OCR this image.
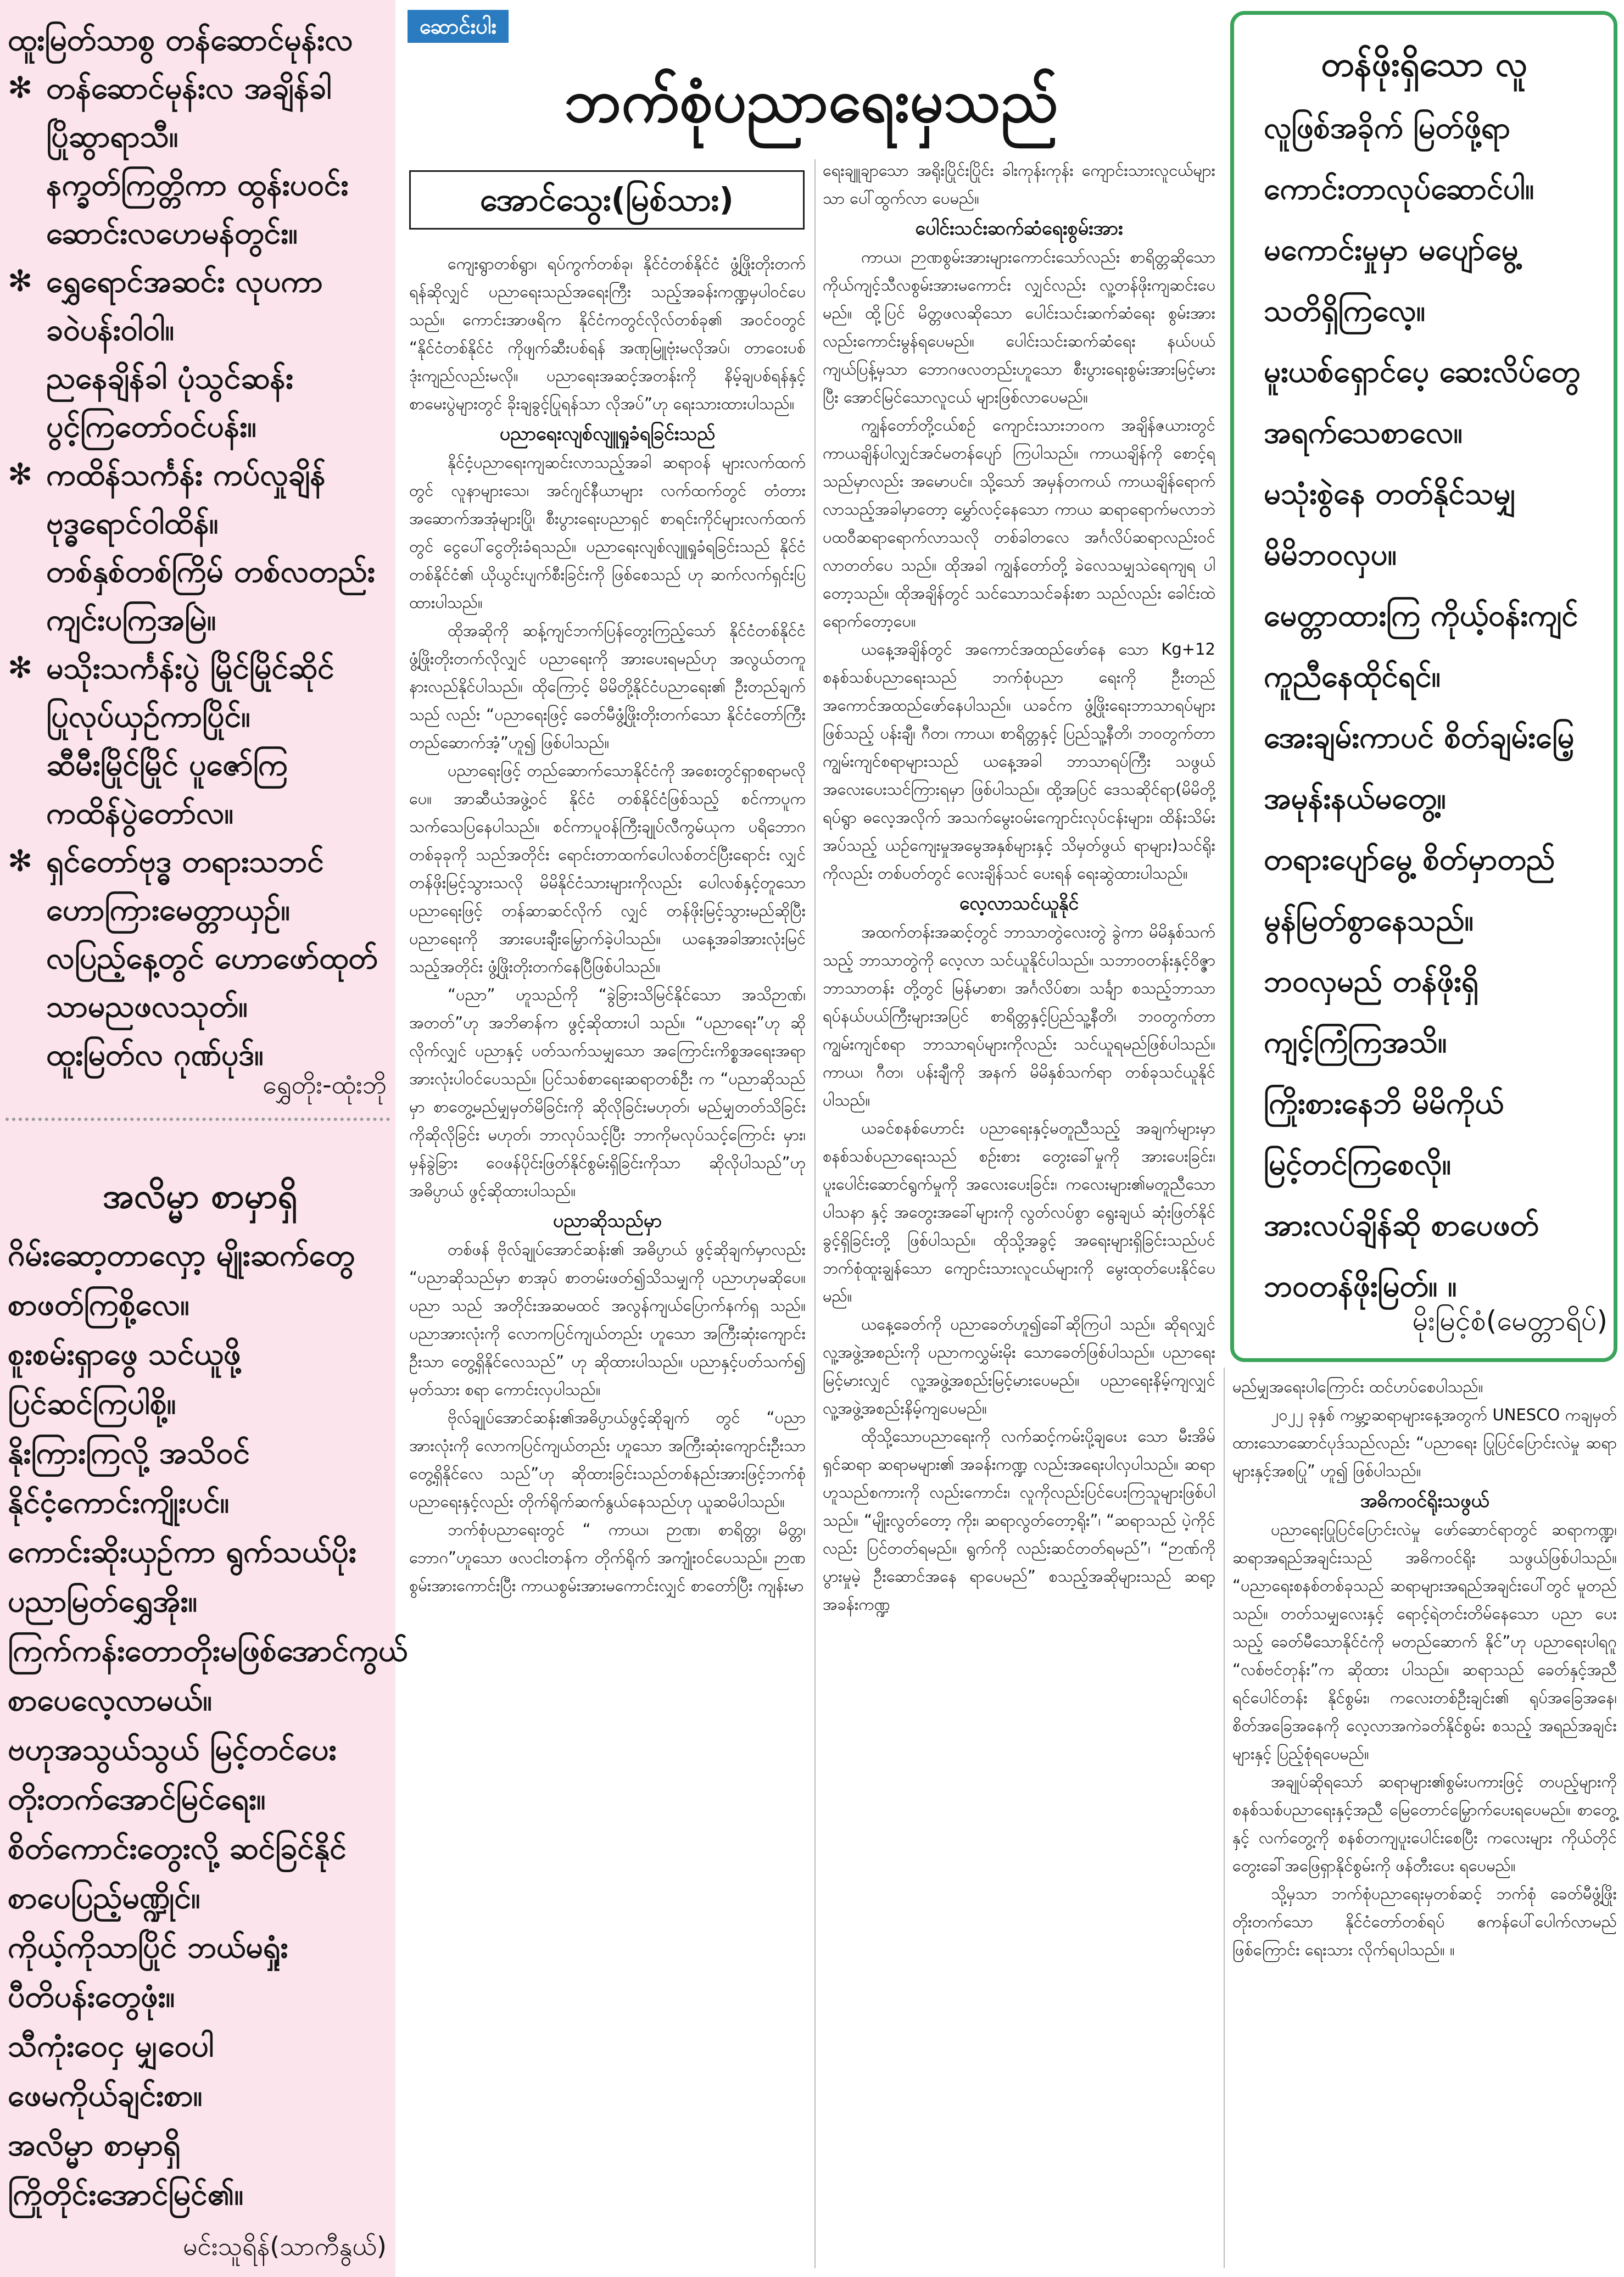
ထူးမြတ်သာစွ တန်ဆောင်မုန်းလ
✻ တန်ဆောင်မုန်းလ အချိန်ခါ
ပြိုဆွာရာသီ။
နက္ခတ်ကြတ္တိကာ ထွန်းပဝင်း
ဆောင်းလဟေမန်တွင်း။
✻ ရွှေရောင်အဆင်း လုပကာ
ခဝဲပန်းဝါဝါ။
ညနေချိန်ခါ ပုံသွင်ဆန်း
ပွင့်ကြတော်ဝင်ပန်း။
✻ ကထိန်သင်္ကန်း ကပ်လှုချိန်
ဗုဒ္ဓရောင်ဝါထိန်။
တစ်နှစ်တစ်ကြိမ် တစ်လတည်း
ကျင်းပကြအမြဲ။
✻ မသိုးသင်္ကန်းပွဲ မြိုင်မြိုင်ဆိုင်
ပြုလုပ်ယှဉ်ကာပြိုင်။
ဆီမီးမြိုင်မြိုင် ပူဇော်ကြ
ကထိန်ပွဲတော်လ။
✻ ရှင်တော်ဗုဒ္ဓ တရားသဘင်
ဟောကြားမေတ္တာယှဉ်။
လပြည့်နေ့တွင် ဟောဖော်ထုတ်
သာမညဖလသုတ်။
ထူးမြတ်လ ဂုဏ်ပုဒ်။
ရွှေတိုး-ထုံးဘို
အလိမ္မာ စာမှာရှိ
ဂိမ်းဆော့တာလှော့ မျိုးဆက်တွေ
စာဖတ်ကြစို့လေ။
စူးစမ်းရှာဖွေ သင်ယူဖို့
ပြင်ဆင်ကြပါစို့။
နိုးကြားကြလို့ အသိဝင်
နိုင်ငံ့ကောင်းကျိုးပင်။
ကောင်းဆိုးယှဉ်ကာ ရွက်သယ်ပိုး
ပညာမြတ်ရွှေအိုး။
ကြက်ကန်းတောတိုးမဖြစ်အောင်ကွယ်
စာပေလေ့လာမယ်။
ဗဟုအသွယ်သွယ် မြင့်တင်ပေး
တိုးတက်အောင်မြင်ရေး။
စိတ်ကောင်းတွေးလို့ ဆင်ခြင်နိုင်
စာပေပြည့်မဏ္ဍိုင်။
ကိုယ့်ကိုသာပြိုင် ဘယ်မရှုံး
ပီတိပန်းတွေဖုံး။
သီကုံးဝေငှ မျှဝေပါ
ဖေမကိုယ်ချင်းစာ။
အလိမ္မာ စာမှာရှိ
ကြိုတိုင်းအောင်မြင်၏။
မင်းသူရိန်(သာကီနွယ်)
ဆောင်းပါး
ဘက်စုံပညာရေးမှသည်
အောင်သွေး(မြစ်သား)

ကျေးရွာတစ်ရွာ၊ ရပ်ကွက်တစ်ခု၊ နိုင်ငံတစ်နိုင်ငံ ဖွံ့ဖြိုးတိုးတက်ရန်ဆိုလျှင် ပညာရေးသည်အရေးကြီး သည့်အခန်းကဏ္ဍမှပါဝင်ပေသည်။ ကောင်းအာဖရိက နိုင်ငံကတွင်လိုလ်တစ်ခု၏ အဝင်ဝတွင် “နိုင်ငံတစ်နိုင်ငံ ကိုဖျက်ဆီးပစ်ရန် အဏုမြူဗုံးမလိုအပ်၊ တာဝေးပစ် ဒုံးကျည်လည်းမလို။ ပညာရေးအဆင့်အတန်းကို နိမ့်ချပစ်ရန်နှင့် စာမေးပွဲများတွင် ခိုးချခွင့်ပြုရန်သာ လိုအပ်”ဟု ရေးသားထားပါသည်။

ပညာရေးလျစ်လျူရှုခံရခြင်းသည်

နိုင်ငံ့ပညာရေးကျဆင်းလာသည့်အခါ ဆရာဝန် များလက်ထက်တွင် လူနာများသေ၊ အင်ဂျင်နီယာများ လက်ထက်တွင် တံတားအဆောက်အအုံများပြို၊ စီးပွားရေးပညာရှင် စာရင်းကိုင်များလက်ထက်တွင် ငွေပေါ်ငွေတိုးခံရသည်။ ပညာရေးလျစ်လျူရှုခံရခြင်းသည် နိုင်ငံတစ်နိုင်ငံ၏ ယိုယွင်းပျက်စီးခြင်းကို ဖြစ်စေသည် ဟု ဆက်လက်ရှင်းပြထားပါသည်။

ထိုအဆိုကို ဆန့်ကျင်ဘက်ပြန်တွေးကြည့်သော် နိုင်ငံတစ်နိုင်ငံ ဖွံ့ဖြိုးတိုးတက်လိုလျှင် ပညာရေးကို အားပေးရမည်ဟု အလွယ်တကူ နားလည်နိုင်ပါသည်။ ထိုကြောင့် မိမိတို့နိုင်ငံပညာရေး၏ ဦးတည်ချက်သည် လည်း “ပညာရေးဖြင့် ခေတ်မီဖွံ့ဖြိုးတိုးတက်သော နိုင်ငံတော်ကြီးတည်ဆောက်အံ့”ဟူ၍ ဖြစ်ပါသည်။

ပညာရေးဖြင့် တည်ဆောက်သောနိုင်ငံကို အစေးတွင်ရှာစရာမလိုပေ။ အာဆီယံအဖွဲ့ဝင် နိုင်ငံ တစ်နိုင်ငံဖြစ်သည့် စင်ကာပူက သက်သေပြနေပါသည်။ စင်ကာပူဝန်ကြီးချုပ်လီကွမ်ယုက ပရိဘောဂတစ်ခုခုကို သည်အတိုင်း ရောင်းတာထက်ပေါလစ်တင်ပြီးရောင်း လျှင် တန်ဖိုးမြင့်သွားသလို မိမိနိုင်ငံသားများကိုလည်း ပေါလစ်နှင့်တူသောပညာရေးဖြင့် တန်ဆာဆင်လိုက် လျှင် တန်ဖိုးမြင့်သွားမည်ဆိုပြီး ပညာရေးကို အားပေးချီးမြှောက်ခဲ့ပါသည်။ ယနေ့အခါအားလုံးမြင် သည့်အတိုင်း ဖွံ့ဖြိုးတိုးတက်နေပြီဖြစ်ပါသည်။

“ပညာ” ဟူသည်ကို “ခွဲခြားသိမြင်နိုင်သော အသိဉာဏ်၊ အတတ်”ဟု အဘိဓာန်က ဖွင့်ဆိုထားပါ သည်။ “ပညာရေး”ဟု ဆိုလိုက်လျှင် ပညာနှင့် ပတ်သက်သမျှသော အကြောင်းကိစ္စအရေးအရာ အားလုံးပါဝင်ပေသည်။ ပြင်သစ်စာရေးဆရာတစ်ဦး က “ပညာဆိုသည်မှာ စာတွေ့မည်မျှမှတ်မိခြင်းကို ဆိုလိုခြင်းမဟုတ်၊ မည်မျှတတ်သိခြင်းကိုဆိုလိုခြင်း မဟုတ်၊ ဘာလုပ်သင့်ပြီး ဘာကိုမလုပ်သင့်ကြောင်း မှား၊ မှန်ခွဲခြား ဝေဖန်ပိုင်းဖြတ်နိုင်စွမ်းရှိခြင်းကိုသာ ဆိုလိုပါသည်”ဟု အဓိပ္ပာယ် ဖွင့်ဆိုထားပါသည်။

ပညာဆိုသည်မှာ

တစ်ဖန် ဗိုလ်ချုပ်အောင်ဆန်း၏ အဓိပ္ပာယ် ဖွင့်ဆိုချက်မှာလည်း “ပညာဆိုသည်မှာ စာအုပ် စာတမ်းဖတ်၍သိသမျှကို ပညာဟုမဆိုပေ။ ပညာ သည် အတိုင်းအဆမထင် အလွန်ကျယ်ပြောက်နက်ရှ သည်။ ပညာအားလုံးကို လောကပြင်ကျယ်တည်း ဟူသော အကြီးဆုံးကျောင်းဦးသာ တွေ့ရှိနိုင်လေသည်” ဟု ဆိုထားပါသည်။ ပညာနှင့်ပတ်သက်၍ မှတ်သား စရာ ကောင်းလှပါသည်။

ဗိုလ်ချုပ်အောင်ဆန်း၏အဓိပ္ပာယ်ဖွင့်ဆိုချက် တွင် “ပညာအားလုံးကို လောကပြင်ကျယ်တည်း ဟူသော အကြီးဆုံးကျောင်းဦးသာ တွေ့ရှိနိုင်လေ သည်”ဟု ဆိုထားခြင်းသည်တစ်နည်းအားဖြင့်ဘက်စုံ ပညာရေးနှင့်လည်း တိုက်ရိုက်ဆက်နွယ်နေသည်ဟု ယူဆမိပါသည်။

ဘက်စုံပညာရေးတွင် “ ကာယ၊ ဉာဏ၊ စာရိတ္တ၊ မိတ္တ၊ ဘောဂ”ဟူသော ဖလငါးတန်က တိုက်ရိုက် အကျုံးဝင်ပေသည်။ ဉာဏစွမ်းအားကောင်းပြီး ကာယစွမ်းအားမကောင်းလျှင် စာတော်ပြီး ကျန်းမာ

ရေးချူချာသော အရိုးပြိုင်းပြိုင်း ခါးကုန်းကုန်း ကျောင်းသားလူငယ်များသာ ပေါ်ထွက်လာ ပေမည်။

ပေါင်းသင်းဆက်ဆံရေးစွမ်းအား

ကာယ၊ ဉာဏစွမ်းအားများကောင်းသော်လည်း စာရိတ္တဆိုသော ကိုယ်ကျင့်သီလစွမ်းအားမကောင်း လျှင်လည်း လူ့တန်ဖိုးကျဆင်းပေမည်။ ထို့ပြင် မိတ္တဖလဆိုသော ပေါင်းသင်းဆက်ဆံရေး စွမ်းအား လည်းကောင်းမွန်ရပေမည်။ ပေါင်းသင်းဆက်ဆံရေး နယ်ပယ်ကျယ်ပြန့်မှသာ ဘောဂဖလတည်းဟူသော စီးပွားရေးစွမ်းအားမြင့်မားပြီး အောင်မြင်သောလူငယ် များဖြစ်လာပေမည်။

ကျွန်တော်တို့ငယ်စဉ် ကျောင်းသားဘဝက အချိန်ဇယားတွင် ကာယချိန်ပါလျှင်အင်မတန်ပျော် ကြပါသည်။ ကာယချိန်ကို စောင့်ရသည်မှာလည်း အမောပင်။ သို့သော် အမှန်တကယ် ကာယချိန်ရောက် လာသည့်အခါမှာတော့ မွှော်လင့်နေသော ကာယ ဆရာရောက်မလာဘဲ ပထဝီဆရာရောက်လာသလို တစ်ခါတလေ အင်္ဂလိပ်ဆရာလည်းဝင်လာတတ်ပေ သည်။ ထိုအခါ ကျွန်တော်တို့ ခဲလေသမျှသဲရေကျရ ပါတော့သည်။ ထိုအချိန်တွင် သင်သောသင်ခန်းစာ သည်လည်း ခေါင်းထဲရောက်တော့ပေ။

ယနေ့အချိန်တွင် အကောင်အထည်ဖော်နေ သော Kg+12 စနစ်သစ်ပညာရေးသည် ဘက်စုံပညာ ရေးကို ဦးတည်အကောင်အထည်ဖော်နေပါသည်။ ယခင်က ဖွံ့ဖြိုးရေးဘာသာရပ်များဖြစ်သည့် ပန်းချီ၊ ဂီတ၊ ကာယ၊ စာရိတ္တနှင့် ပြည်သူ့နီတိ၊ ဘဝတွက်တာ ကျွမ်းကျင်စရာများသည် ယနေ့အခါ ဘာသာရပ်ကြီး သဖွယ် အလေးပေးသင်ကြားရမှာ ဖြစ်ပါသည်။ ထို့အပြင် ဒေသဆိုင်ရာ(မိမိတို့ရပ်ရွာ ဓလေ့အလိုက် အသက်မွေးဝမ်းကျောင်းလုပ်ငန်းများ၊ ထိန်းသိမ်း အပ်သည့် ယဉ်ကျေးမှုအမွေအနှစ်များနှင့် သိမှတ်ဖွယ် ရာများ)သင်ရိုးကိုလည်း တစ်ပတ်တွင် လေးချိန်သင် ပေးရန် ရေးဆွဲထားပါသည်။

လေ့လာသင်ယူနိုင်

အထက်တန်းအဆင့်တွင် ဘာသာတွဲလေးတွဲ ခွဲကာ မိမိနှစ်သက်သည့် ဘာသာတွဲကို လေ့လာ သင်ယူနိုင်ပါသည်။ သဘာဝတန်းနှင့်ဝိဇ္ဇာဘာသာတန်း တို့တွင် မြန်မာစာ၊ အင်္ဂလိပ်စာ၊ သင်္ချာ စသည့်ဘာသာ ရပ်နယ်ပယ်ကြီးများအပြင် စာရိတ္တနှင့်ပြည်သူ့နီတိ၊ ဘဝတွက်တာကျွမ်းကျင်စရာ ဘာသာရပ်များကိုလည်း သင်ယူရမည်ဖြစ်ပါသည်။ ကာယ၊ ဂီတ၊ ပန်းချီကို အနက် မိမိနှစ်သက်ရာ တစ်ခုသင်ယူနိုင်ပါသည်။

ယခင်စနစ်ဟောင်း ပညာရေးနှင့်မတူညီသည့် အချက်များမှာ စနစ်သစ်ပညာရေးသည် စဉ်းစား တွေးခေါ်မှုကို အားပေးခြင်း၊ ပူးပေါင်းဆောင်ရွက်မှုကို အလေးပေးခြင်း၊ ကလေးများ၏မတူညီသော ပါသနာ နှင့် အတွေးအခေါ်များကို လွတ်လပ်စွာ ရွေးချယ် ဆုံးဖြတ်နိုင်ခွင့်ရှိခြင်းတို့ ဖြစ်ပါသည်။ ထိုသို့အခွင့် အရေးများရှိခြင်းသည်ပင် ဘက်စုံထူးချွန်သော ကျောင်းသားလူငယ်များကို မွေးထုတ်ပေးနိုင်ပေမည်။

ယနေ့ခေတ်ကို ပညာခေတ်ဟူ၍ခေါ်ဆိုကြပါ သည်။ ဆိုရလျှင် လူ့အဖွဲ့အစည်းကို ပညာကလွှမ်းမိုး သောခေတ်ဖြစ်ပါသည်။ ပညာရေးမြင့်မားလျှင် လူ့အဖွဲ့အစည်းမြင့်မားပေမည်။ ပညာရေးနိမ့်ကျလျှင် လူ့အဖွဲ့အစည်းနိမ့်ကျပေမည်။

ထိုသို့သောပညာရေးကို လက်ဆင့်ကမ်းပို့ချပေး သော မီးအိမ်ရှင်ဆရာ ဆရာမများ၏ အခန်းကဏ္ဍ လည်းအရေးပါလှပါသည်။ ဆရာဟူသည်စကားကို လည်းကောင်း၊ လူကိုလည်းပြင်ပေးကြသူများဖြစ်ပါ သည်။ “မျိုးလွတ်တော့ ကိုး၊ ဆရာလွတ်တော့ရိုး”၊ “ဆရာသည် ပဲ့ကိုင်လည်း ပြင်တတ်ရမည်။ ရွက်ကို လည်းဆင်တတ်ရမည်”၊ “ဉာဏ်ကိုပွားမှုမဲ့ ဦးဆောင်အနေ ရာပေမည်” စသည့်အဆိုများသည် ဆရာ့အခန်းကဏ္ဍ

မည်မျှအရေးပါကြောင်း ထင်ဟပ်စေပါသည်။

၂၀၂၂ ခုနှစ် ကမ္ဘာ့ဆရာများနေ့အတွက် UNESCO ကချမှတ်ထားသောဆောင်ပုဒ်သည်လည်း “ပညာရေး ပြုပြင်ပြောင်းလဲမှု ဆရာများနှင့်အစပြု” ဟူ၍ ဖြစ်ပါသည်။

အဓိကဝင်ရိုးသဖွယ်

ပညာရေးပြုပြင်ပြောင်းလဲမှု ဖော်ဆောင်ရာတွင် ဆရာကဏ္ဍ၊ ဆရာအရည်အချင်းသည် အဓိကဝင်ရိုး သဖွယ်ဖြစ်ပါသည်။ “ပညာရေးစနစ်တစ်ခုသည် ဆရာများအရည်အချင်းပေါ်တွင် မူတည်သည်။ တတ်သမျှလေးနှင့် ရောင့်ရဲတင်းတိမ်နေသော ပညာ ပေးသည့် ခေတ်မီသောနိုင်ငံကို မတည်ဆောက် နိုင်”ဟု ပညာရေးပါရဂူ “လစ်ဗင်တုန်း”က ဆိုထား ပါသည်။ ဆရာသည် ခေတ်နှင့်အညီ ရင်ပေါင်တန်း နိုင်စွမ်း၊ ကလေးတစ်ဦးချင်း၏ ရုပ်အခြေအနေ၊ စိတ်အခြေအနေကို လေ့လာအကဲခတ်နိုင်စွမ်း စသည့် အရည်အချင်းများနှင့် ပြည့်စုံရပေမည်။

အချုပ်ဆိုရသော် ဆရာများ၏စွမ်းပကားဖြင့် တပည့်များကို စနစ်သစ်ပညာရေးနှင့်အညီ မြေတောင်မြှောက်ပေးရပေမည်။ စာတွေ့နှင့် လက်တွေ့ကို စနစ်တကျပူးပေါင်းစေပြီး ကလေးများ ကိုယ်တိုင်တွေးခေါ်အဖြေရှာနိုင်စွမ်းကို ဖန်တီးပေး ရပေမည်။

သို့မှသာ ဘက်စုံပညာရေးမှတစ်ဆင့် ဘက်စုံ ခေတ်မီဖွံ့ဖြိုးတိုးတက်သော နိုင်ငံတော်တစ်ရပ် ဧကန်ပေါ်ပေါက်လာမည်ဖြစ်ကြောင်း ရေးသား လိုက်ရပါသည်။ ။

တန်ဖိုးရှိသော လူ
လူဖြစ်အခိုက် မြတ်ဖို့ရာ
ကောင်းတာလုပ်ဆောင်ပါ။
မကောင်းမှုမှာ မပျော်မွေ့
သတိရှိကြလေ့။
မူးယစ်ရှောင်ပေ့ ဆေးလိပ်တွေ
အရက်သေစာလေ။
မသုံးစွဲနေ တတ်နိုင်သမျှ
မိမိဘဝလှပ။
မေတ္တာထားကြ ကိုယ့်ဝန်းကျင်
ကူညီနေထိုင်ရင်။
အေးချမ်းကာပင် စိတ်ချမ်းမြေ့
အမုန်းနယ်မတွေ့။
တရားပျော်မွေ့ စိတ်မှာတည်
မွန်မြတ်စွာနေသည်။
ဘဝလှမည် တန်ဖိုးရှိ
ကျင့်ကြံကြအသိ။
ကြိုးစားနေဘိ မိမိကိုယ်
မြင့်တင်ကြစေလို။
အားလပ်ချိန်ဆို စာပေဖတ်
ဘဝတန်ဖိုးမြတ်။ ။
မိုးမြင့်စံ(မေတ္တာရိပ်)
